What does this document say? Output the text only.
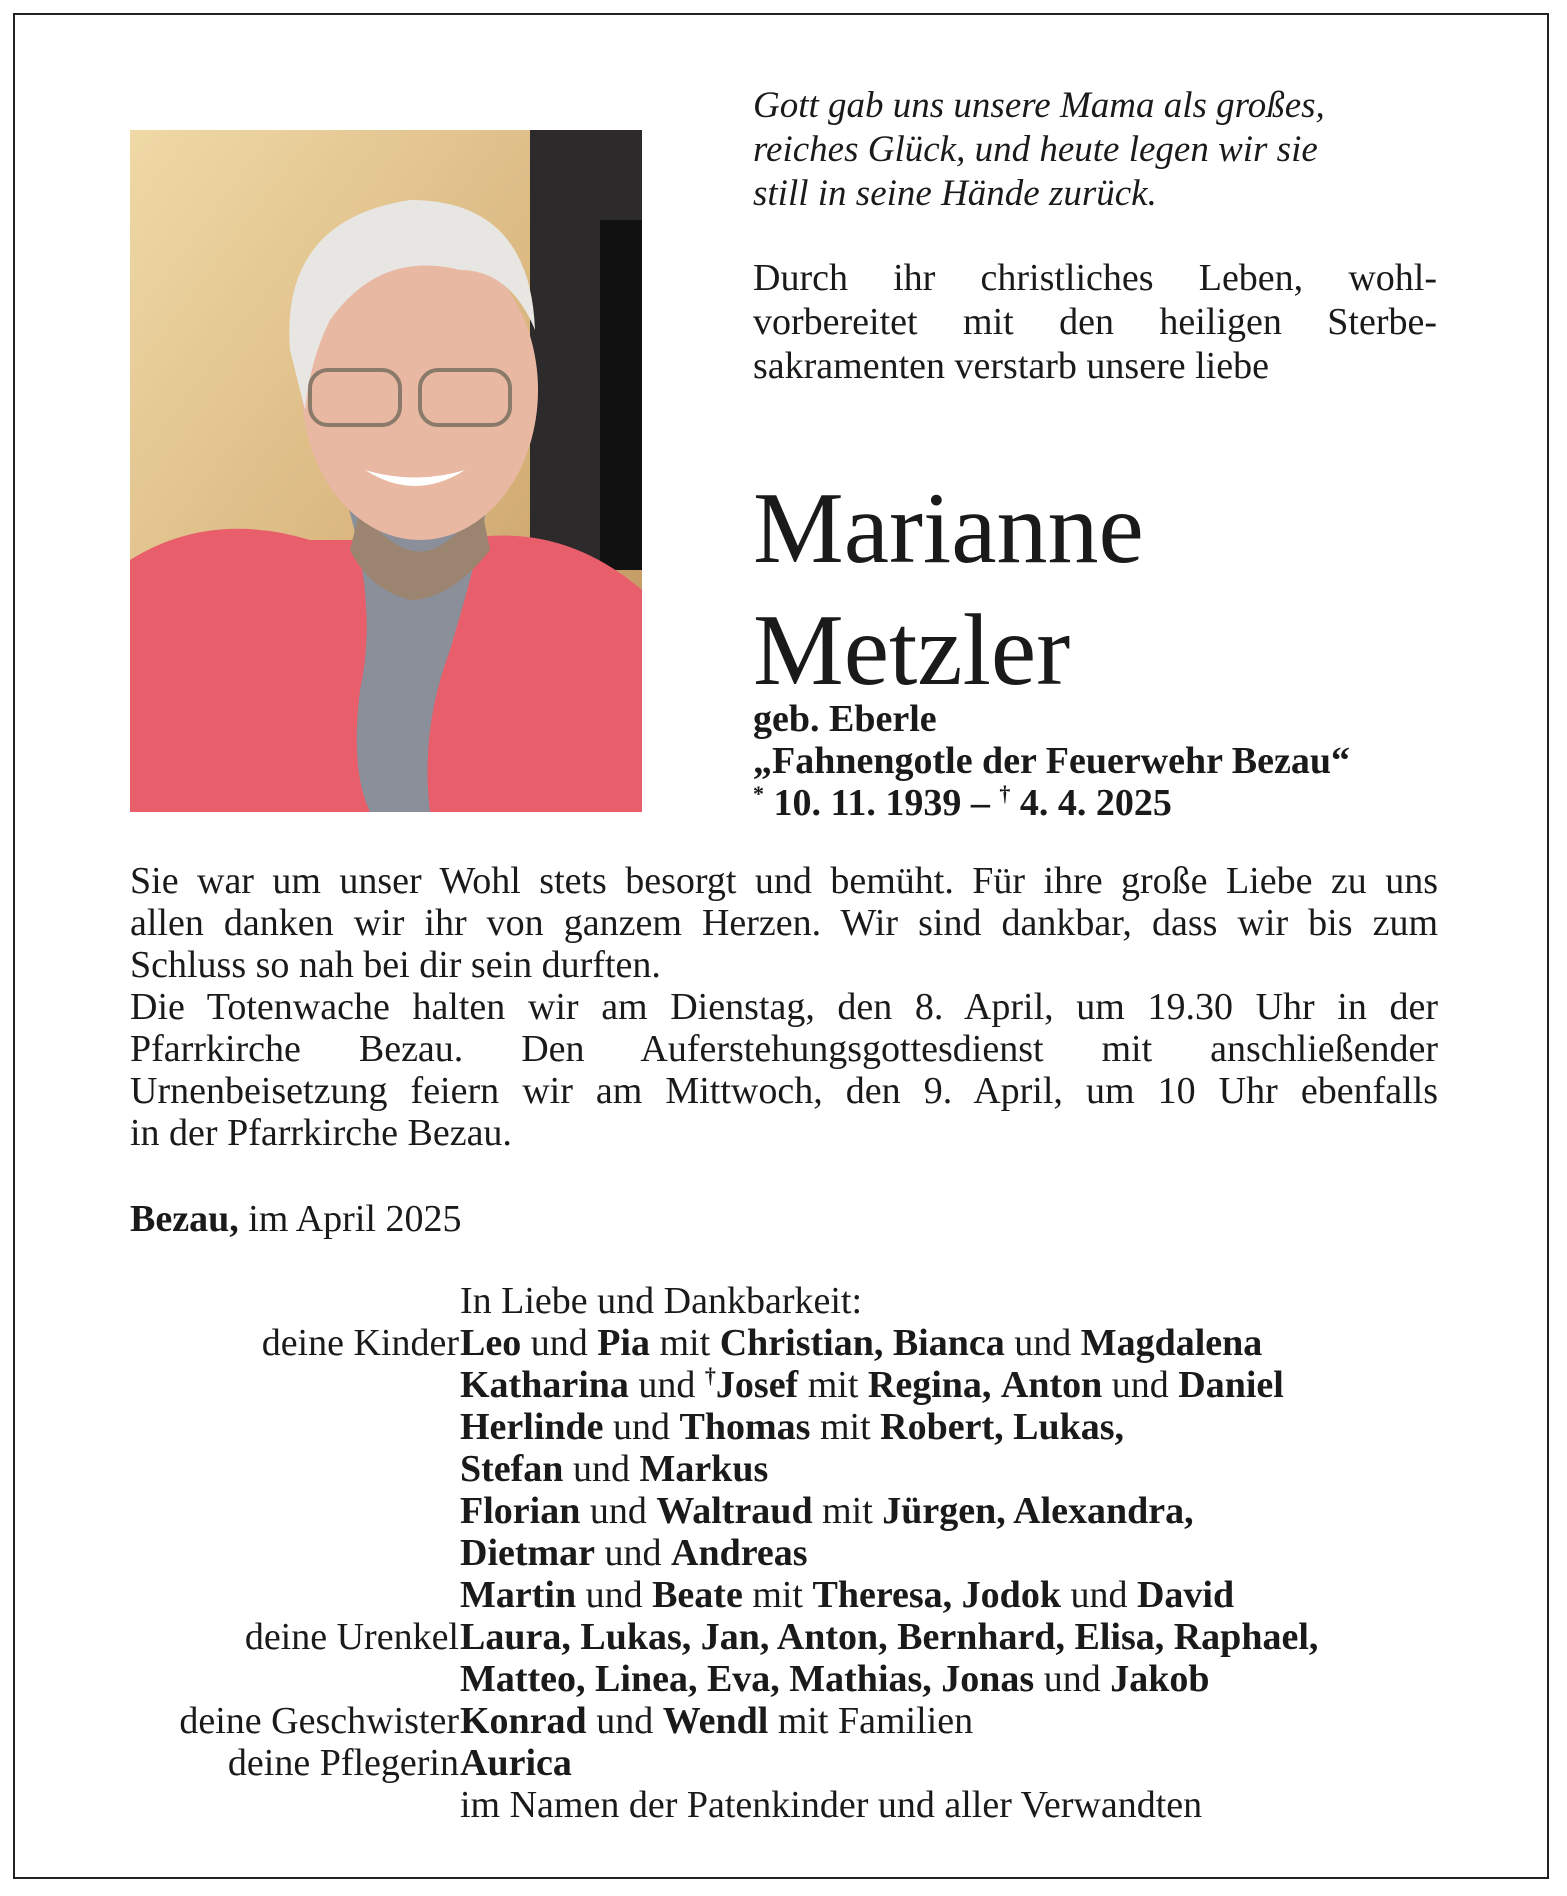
Gott gab uns unsere Mama als großes,
reiches Glück, und heute legen wir sie
still in seine Hände zurück.
Durch ihr christliches Leben, wohl-
vorbereitet mit den heiligen Sterbe-
sakramenten verstarb unsere liebe
Marianne
Metzler
geb. Eberle
„Fahnengotle der Feuerwehr Bezau“
* 10. 11. 1939 – † 4. 4. 2025
Sie war um unser Wohl stets besorgt und bemüht. Für ihre große Liebe zu uns
allen danken wir ihr von ganzem Herzen. Wir sind dankbar, dass wir bis zum
Schluss so nah bei dir sein durften.
Die Totenwache halten wir am Dienstag, den 8. April, um 19.30 Uhr in der
Pfarrkirche Bezau. Den Auferstehungsgottesdienst mit anschließender
Urnenbeisetzung feiern wir am Mittwoch, den 9. April, um 10 Uhr ebenfalls
in der Pfarrkirche Bezau.
Bezau, im April 2025
In Liebe und Dankbarkeit:
deine Kinder Leo und Pia mit Christian, Bianca und Magdalena
Katharina und †Josef mit Regina, Anton und Daniel
Herlinde und Thomas mit Robert, Lukas,
Stefan und Markus
Florian und Waltraud mit Jürgen, Alexandra,
Dietmar und Andreas
Martin und Beate mit Theresa, Jodok und David
deine Urenkel Laura, Lukas, Jan, Anton, Bernhard, Elisa, Raphael,
Matteo, Linea, Eva, Mathias, Jonas und Jakob
deine Geschwister Konrad und Wendl mit Familien
deine Pflegerin Aurica
im Namen der Patenkinder und aller Verwandten
